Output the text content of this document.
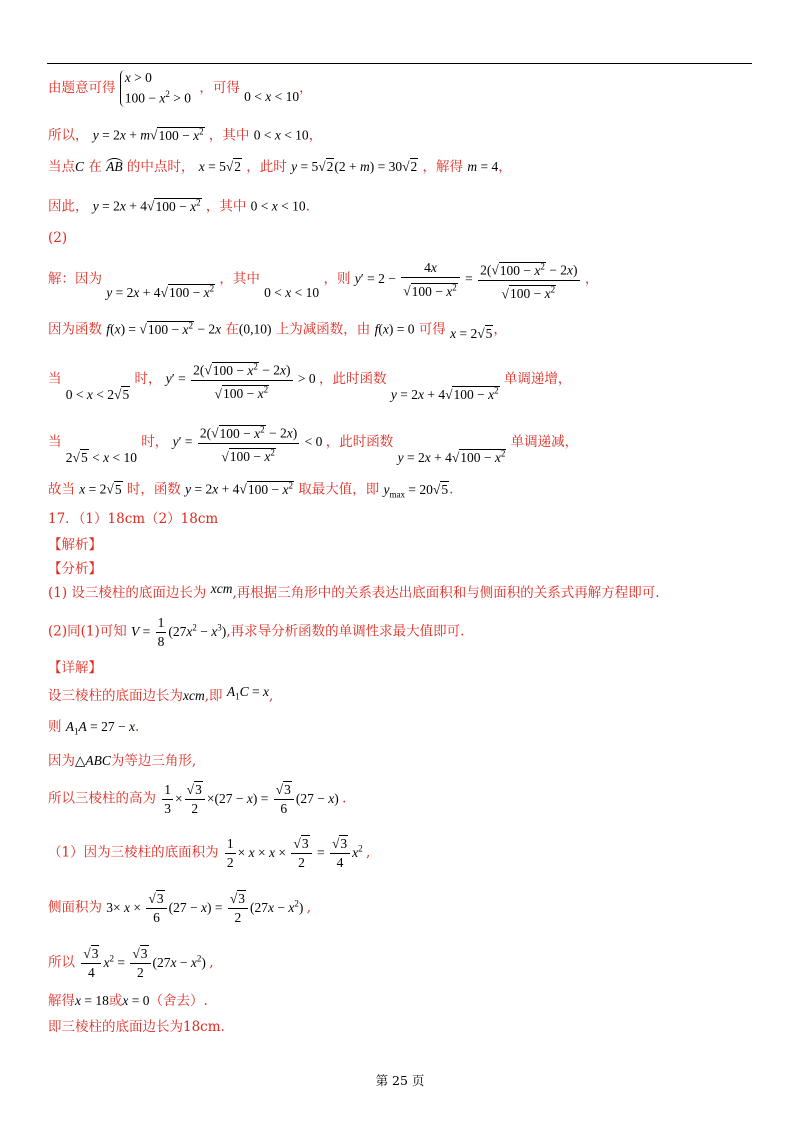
由题意可得
x > 0
$100 - x^2 > 0$
，可得 0 < x < 10，
所以， $y = 2x + m√100 - x^2$ ，其中 0 < x < 10，
当点C 在 AB 的中点时， x = 5√2 ，此时 y = 5√2(2 + m) = 30√2 ，解得 m = 4，
因此， $y = 2x + 4√100 - x^2$ ，其中 0 < x < 10.
(2)
解：因为 $y = 2x + 4√100 - x^2$ ，其中 0 < x < 10 ，则 $y' = 2 - \frac{4x}{√100 - x^2} = \frac{2(√100 - x^2 - 2x)}{√100 - x^2}$ ，
因为函数 $f(x) = √100 - x^2 - 2x$ 在(0,10) 上为减函数，由 f(x) = 0 可得 x = 2√5，
当 0 < x < 2√5 时， $y' = \frac{2(√100 - x^2 - 2x)}{√100 - x^2} > 0$ ，此时函数 $y = 2x + 4√100 - x^2$ 单调递增，
当 2√5 < x < 10 时， $y' = \frac{2(√100 - x^2 - 2x)}{√100 - x^2} < 0$ ，此时函数 $y = 2x + 4√100 - x^2$ 单调递减，
故当 x = 2√5 时，函数 $y = 2x + 4√100 - x^2$ 取最大值，即 $y_{max} = 20√5$.
17．（1）18cm（2）18cm
【解析】
【分析】
(1) 设三棱柱的底面边长为 xcm,再根据三角形中的关系表达出底面积和与侧面积的关系式再解方程即可.
(2)同(1)可知 $V = \frac{1}{8} (27x^2 - x^3)$,再求导分析函数的单调性求最大值即可.
【详解】
设三棱柱的底面边长为xcm,即 $A_1C = x$,
则 $A_1A = 27 - x$.
因为△ABC为等边三角形,
所以三棱柱的高为 $\frac{1}{3} \times \frac{√3}{2} \times(27 - x) = \frac{√3}{6} (27 - x)$ .
（1）因为三棱柱的底面积为 $\frac{1}{2} \times x \times x \times \frac{√3}{2} = \frac{√3}{4} x^2$ ,
侧面积为 $3\times x \times \frac{√3}{6} (27 - x) = \frac{√3}{2} (27x - x^2)$ ,
所以 $\frac{√3}{4} x^2 = \frac{√3}{2} (27x - x^2)$ ,
解得x = 18或x = 0（舍去）.
即三棱柱的底面边长为18cm.
第 25 页
